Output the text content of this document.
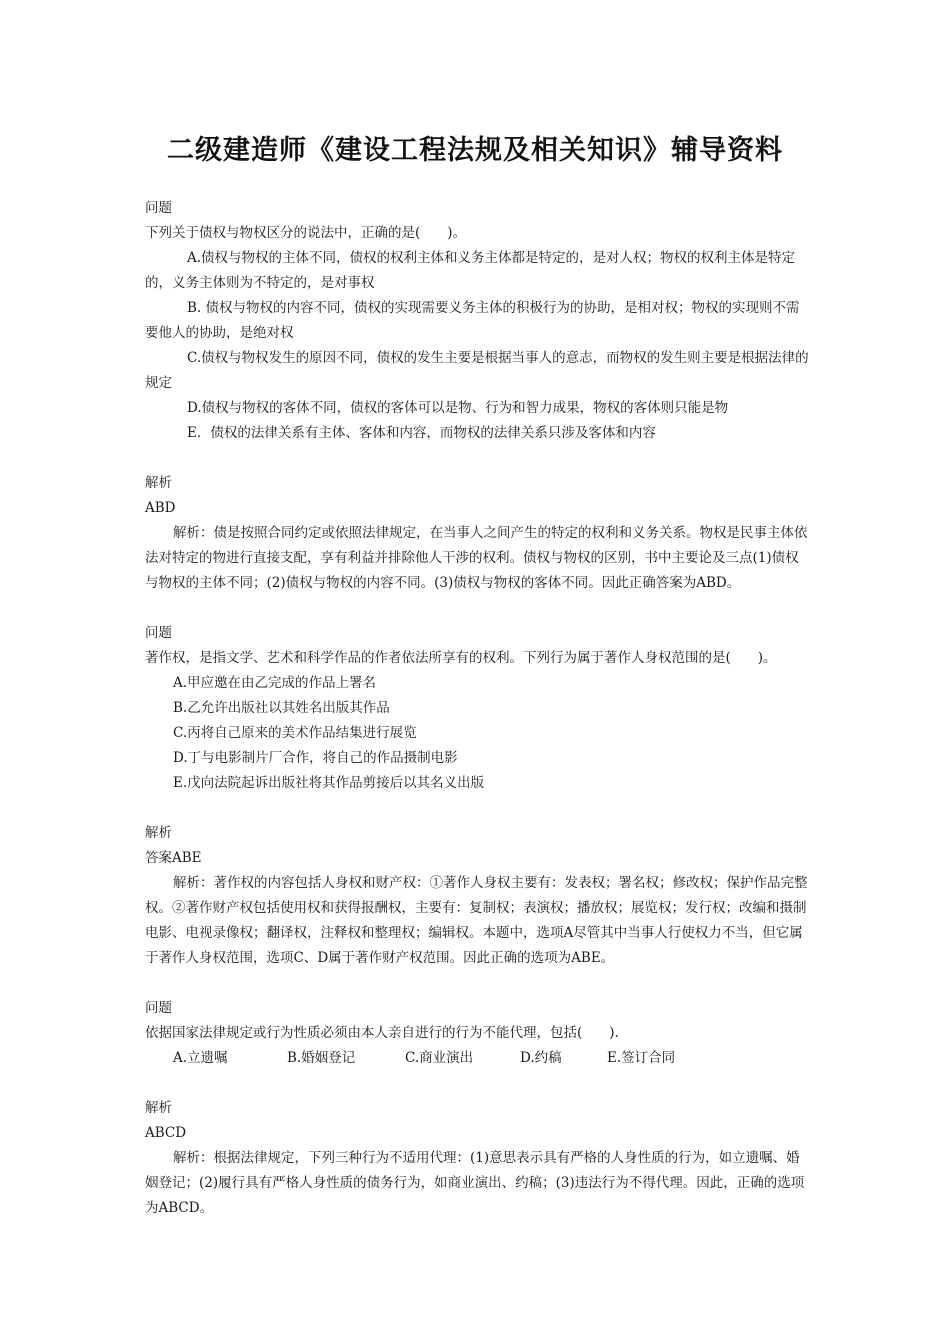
二级建造师《建设工程法规及相关知识》辅导资料

问题

下列关于债权与物权区分的说法中，正确的是(　　)。

A.债权与物权的主体不同，债权的权利主体和义务主体都是特定的，是对人权；物权的权利主体是特定的，义务主体则为不特定的，是对事权

B. 债权与物权的内容不同，债权的实现需要义务主体的积极行为的协助，是相对权；物权的实现则不需要他人的协助，是绝对权

C.债权与物权发生的原因不同，债权的发生主要是根据当事人的意志，而物权的发生则主要是根据法律的规定

D.债权与物权的客体不同，债权的客体可以是物、行为和智力成果，物权的客体则只能是物

E．债权的法律关系有主体、客体和内容，而物权的法律关系只涉及客体和内容

解析

ABD

解析：债是按照合同约定或依照法律规定，在当事人之间产生的特定的权利和义务关系。物权是民事主体依法对特定的物进行直接支配，享有利益并排除他人干涉的权利。债权与物权的区别，书中主要论及三点(1)债权与物权的主体不同；(2)债权与物权的内容不同。(3)债权与物权的客体不同。因此正确答案为ABD。

问题

著作权，是指文学、艺术和科学作品的作者依法所享有的权利。下列行为属于著作人身权范围的是(　　)。

A.甲应邀在由乙完成的作品上署名

B.乙允许出版社以其姓名出版其作品

C.丙将自己原来的美术作品结集进行展览

D.丁与电影制片厂合作，将自己的作品摄制电影

E.戊向法院起诉出版社将其作品剪接后以其名义出版

解析

答案ABE

解析：著作权的内容包括人身权和财产权：①著作人身权主要有：发表权；署名权；修改权；保护作品完整权。②著作财产权包括使用权和获得报酬权，主要有：复制权；表演权；播放权；展览权；发行权；改编和摄制电影、电视录像权；翻译权，注释权和整理权；编辑权。本题中，选项A尽管其中当事人行使权力不当，但它属于著作人身权范围，选项C、D属于著作财产权范围。因此正确的选项为ABE。

问题

依据国家法律规定或行为性质必须由本人亲自进行的行为不能代理，包括(　　).

A.立遗嘱	B.婚姻登记	C.商业演出	D.约稿	E.签订合同

解析

ABCD

解析：根据法律规定，下列三种行为不适用代理：(1)意思表示具有严格的人身性质的行为，如立遗嘱、婚姻登记；(2)履行具有严格人身性质的债务行为，如商业演出、约稿；(3)违法行为不得代理。因此，正确的选项为ABCD。
